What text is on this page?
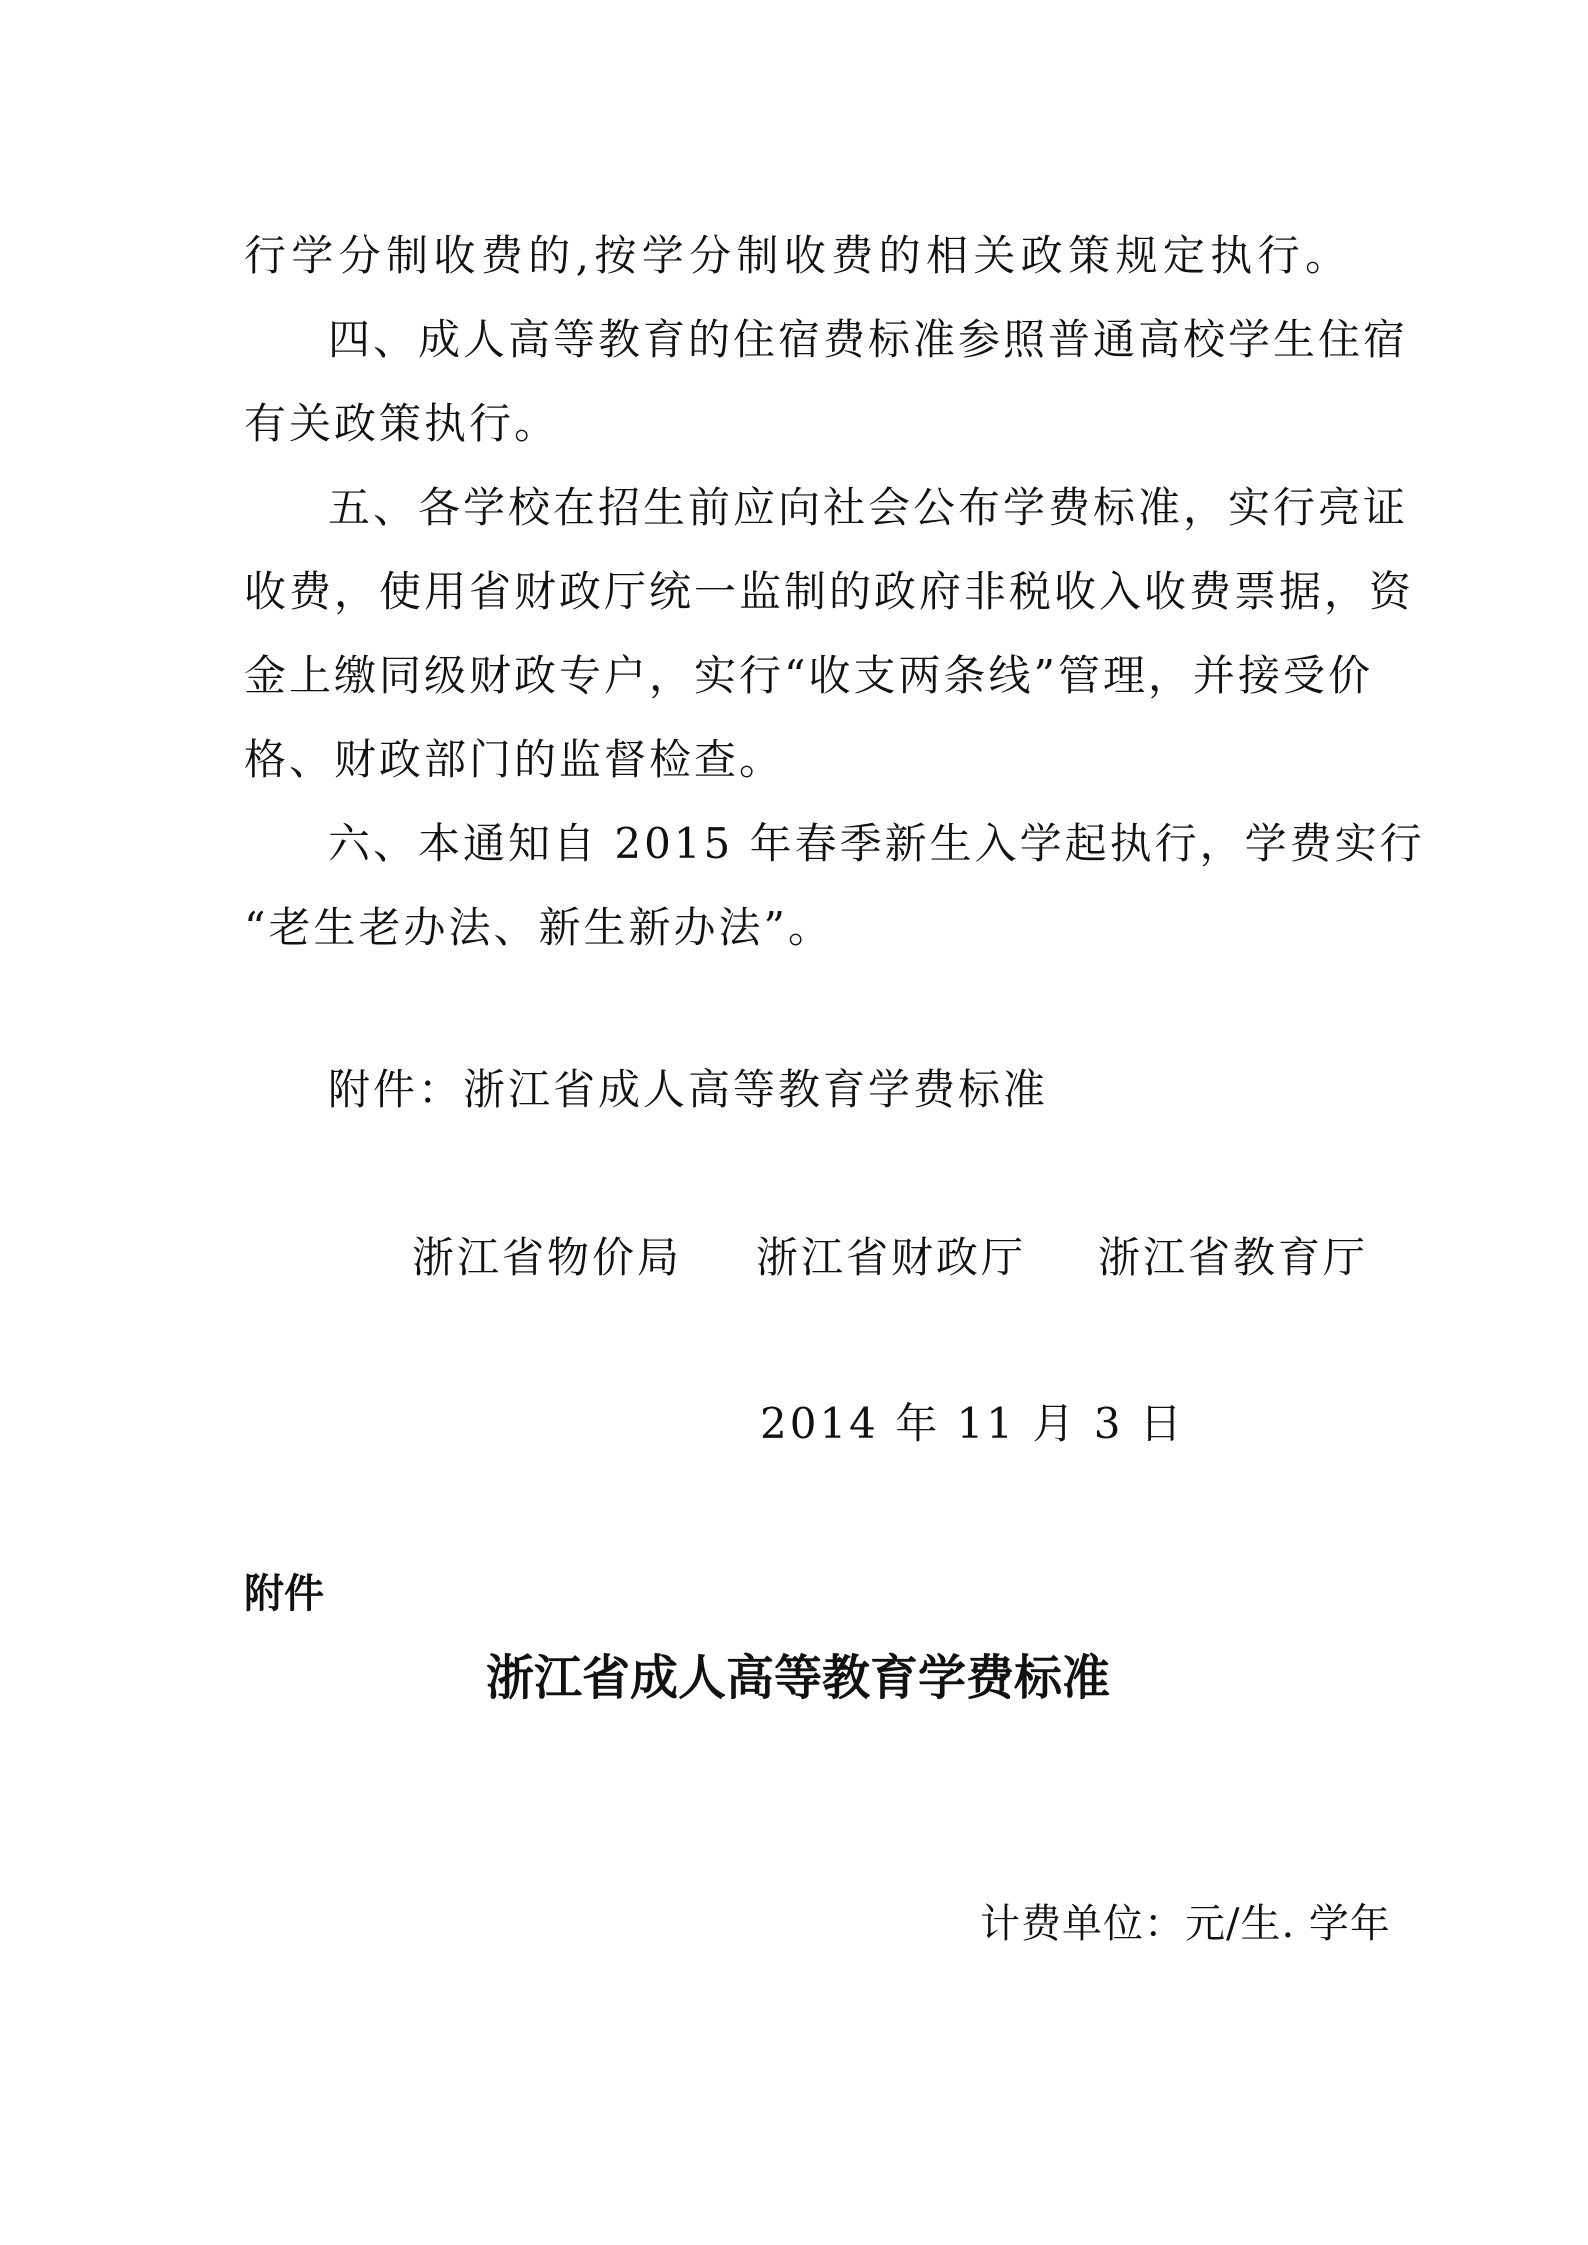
行学分制收费的,按学分制收费的相关政策规定执行。
四、成人高等教育的住宿费标准参照普通高校学生住宿
有关政策执行。
五、各学校在招生前应向社会公布学费标准，实行亮证
收费，使用省财政厅统一监制的政府非税收入收费票据，资
金上缴同级财政专户，实行“收支两条线”管理，并接受价
格、财政部门的监督检查。
六、本通知自 2015 年春季新生入学起执行，学费实行
“老生老办法、新生新办法”。
附件：浙江省成人高等教育学费标准
浙江省物价局 浙江省财政厅 浙江省教育厅
2014 年 11 月 3 日
附件
浙江省成人高等教育学费标准
计费单位：元/生. 学年
